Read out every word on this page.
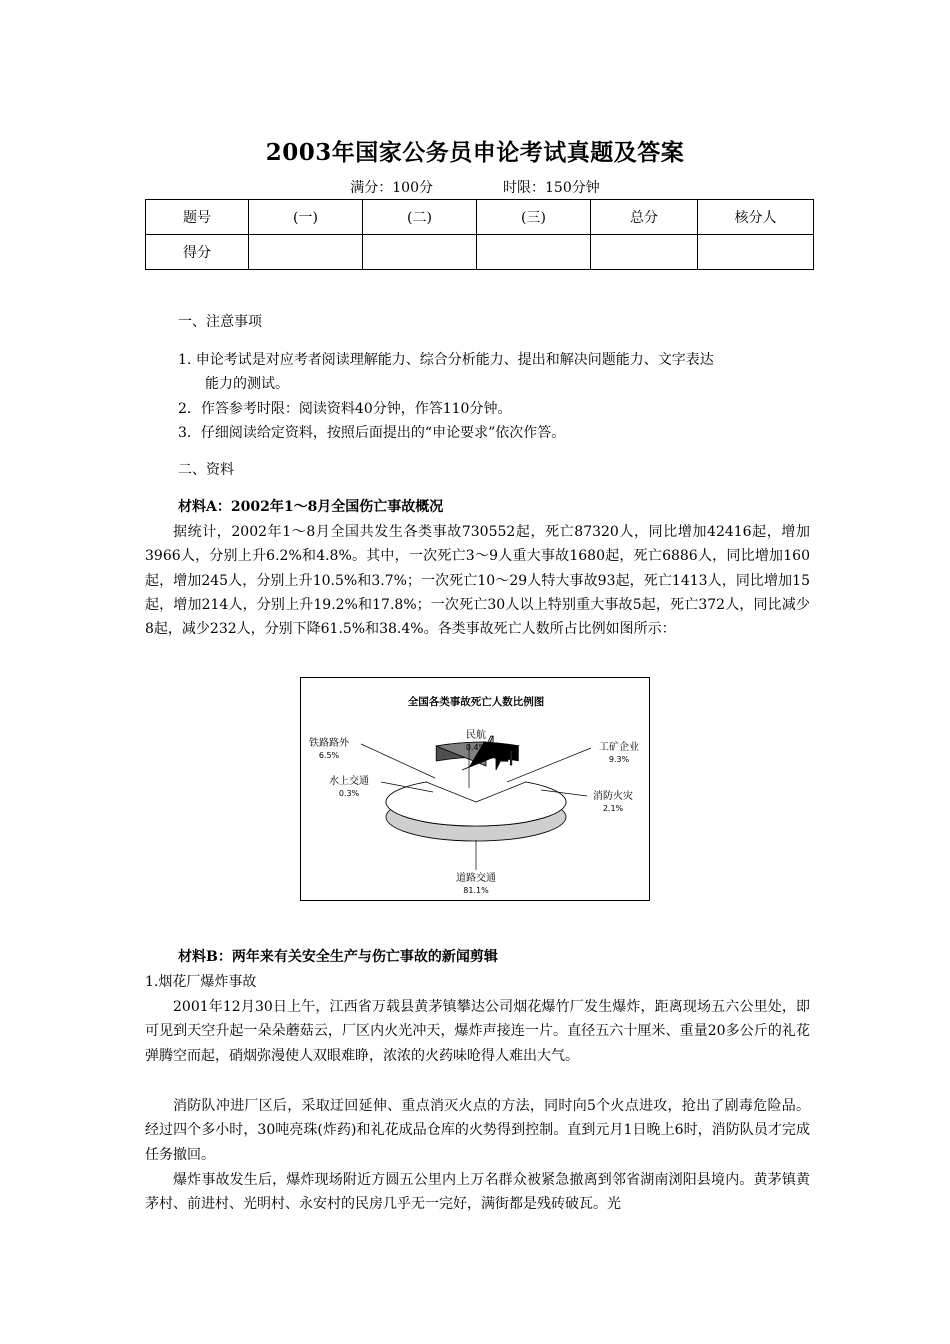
2003年国家公务员申论考试真题及答案
满分：100分	时限：150分钟
题号	(一)	(二)	(三)	总分	核分人
得分					
一、注意事项
1. 申论考试是对应考者阅读理解能力、综合分析能力、提出和解决问题能力、文字表达
能力的测试。
2．作答参考时限：阅读资料40分钟，作答110分钟。
3．仔细阅读给定资料，按照后面提出的“申论要求”依次作答。
二、资料
材料A：2002年1～8月全国伤亡事故概况
据统计，2002年1～8月全国共发生各类事故730552起，死亡87320人，同比增加42416起，增加3966人，分别上升6.2%和4.8%。其中，一次死亡3～9人重大事故1680起，死亡6886人，同比增加160起，增加245人，分别上升10.5%和3.7%；一次死亡10～29人特大事故93起，死亡1413人，同比增加15起，增加214人，分别上升19.2%和17.8%；一次死亡30人以上特别重大事故5起，死亡372人，同比减少8起，减少232人，分别下降61.5%和38.4%。各类事故死亡人数所占比例如图所示：
全国各类事故死亡人数比例图
道路交通
81.1%
工矿企业
9.3%
消防火灾
2.1%
民航
0.4%
铁路路外
6.5%
水上交通
0.3%
材料B：两年来有关安全生产与伤亡事故的新闻剪辑
1.烟花厂爆炸事故
2001年12月30日上午，江西省万载县黄茅镇攀达公司烟花爆竹厂发生爆炸，距离现场五六公里处，即可见到天空升起一朵朵蘑菇云，厂区内火光冲天，爆炸声接连一片。直径五六十厘米、重量20多公斤的礼花弹腾空而起，硝烟弥漫使人双眼难睁，浓浓的火药味呛得人难出大气。
消防队冲进厂区后，采取迂回延伸、重点消灭火点的方法，同时向5个火点进攻，抢出了剧毒危险品。经过四个多小时，30吨亮珠(炸药)和礼花成品仓库的火势得到控制。直到元月1日晚上6时，消防队员才完成任务撤回。
爆炸事故发生后，爆炸现场附近方圆五公里内上万名群众被紧急撤离到邻省湖南浏阳县境内。黄茅镇黄茅村、前进村、光明村、永安村的民房几乎无一完好，满街都是残砖破瓦。光
